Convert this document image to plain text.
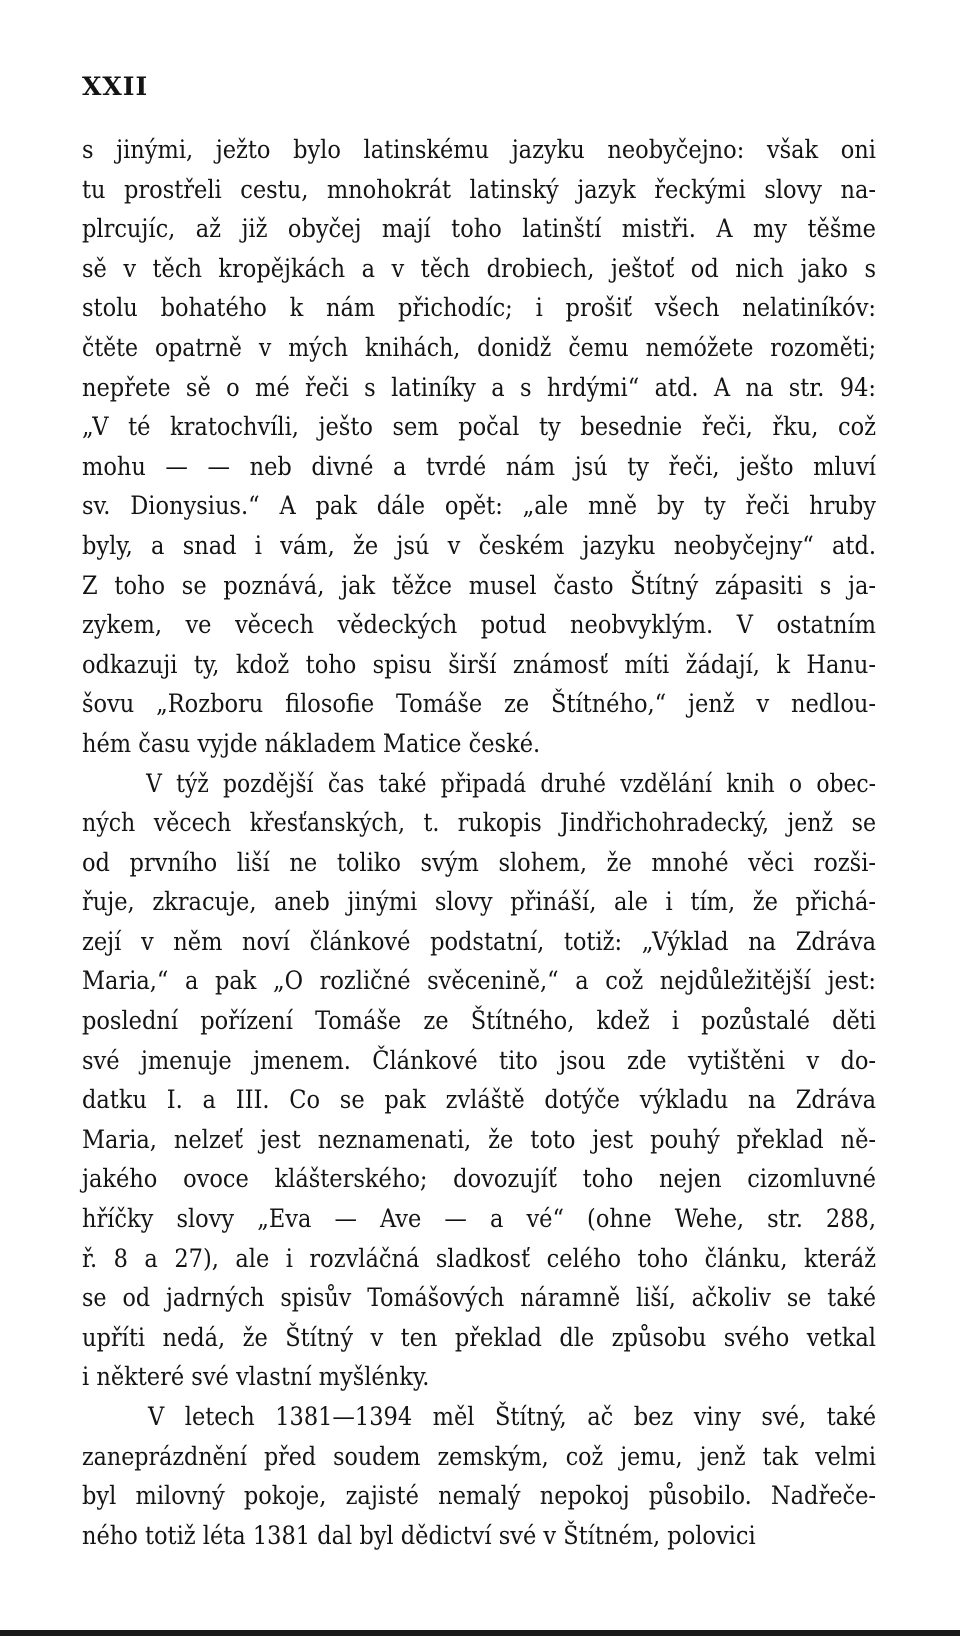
XXII
s jinými, ježto bylo latinskému jazyku neobyčejno: však oni
tu prostřeli cestu, mnohokrát latinský jazyk řeckými slovy na-
plrcujíc, až již obyčej mají toho latinští mistři. A my těšme
sě v těch kropějkách a v těch drobiech, ještoť od nich jako s
stolu bohatého k nám přichodíc; i prošiť všech nelatiníkóv:
čtěte opatrně v mých knihách, donidž čemu nemóžete rozoměti;
nepřete sě o mé řeči s latiníky a s hrdými“ atd. A na str. 94:
„V té kratochvíli, ješto sem počal ty besednie řeči, řku, což
mohu — — neb divné a tvrdé nám jsú ty řeči, ješto mluví
sv. Dionysius.“ A pak dále opět: „ale mně by ty řeči hruby
byly, a snad i vám, že jsú v českém jazyku neobyčejny“ atd.
Z toho se poznává, jak těžce musel často Štítný zápasiti s ja-
zykem, ve věcech vědeckých potud neobvyklým. V ostatním
odkazuji ty, kdož toho spisu širší známosť míti žádají, k Hanu-
šovu „Rozboru filosofie Tomáše ze Štítného,“ jenž v nedlou-
hém času vyjde nákladem Matice české.
V týž pozdější čas také připadá druhé vzdělání knih o obec-
ných věcech křesťanských, t. rukopis Jindřichohradecký, jenž se
od prvního liší ne toliko svým slohem, že mnohé věci rozši-
řuje, zkracuje, aneb jinými slovy přináší, ale i tím, že přichá-
zejí v něm noví článkové podstatní, totiž: „Výklad na Zdráva
Maria,“ a pak „O rozličné svěcenině,“ a což nejdůležitější jest:
poslední pořízení Tomáše ze Štítného, kdež i pozůstalé děti
své jmenuje jmenem. Článkové tito jsou zde vytištěni v do-
datku I. a III. Co se pak zvláště dotýče výkladu na Zdráva
Maria, nelzeť jest neznamenati, že toto jest pouhý překlad ně-
jakého ovoce klášterského; dovozujíť toho nejen cizomluvné
hříčky slovy „Eva — Ave — a vé“ (ohne Wehe, str. 288,
ř. 8 a 27), ale i rozvláčná sladkosť celého toho článku, kteráž
se od jadrných spisův Tomášových náramně liší, ačkoliv se také
upříti nedá, že Štítný v ten překlad dle způsobu svého vetkal
i některé své vlastní myšlénky.
V letech 1381—1394 měl Štítný, ač bez viny své, také
zaneprázdnění před soudem zemským, což jemu, jenž tak velmi
byl milovný pokoje, zajisté nemalý nepokoj působilo. Nadřeče-
ného totiž léta 1381 dal byl dědictví své v Štítném, polovici
